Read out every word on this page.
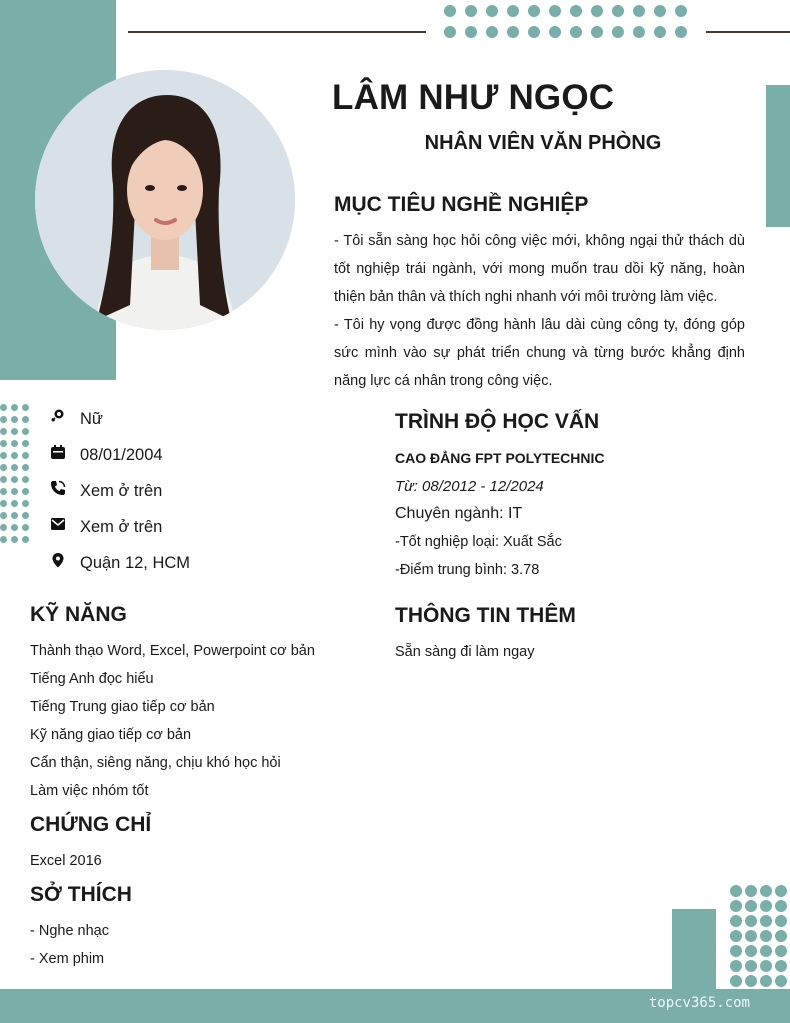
LÂM NHƯ NGỌC
NHÂN VIÊN VĂN PHÒNG
MỤC TIÊU NGHỀ NGHIỆP
- Tôi sẵn sàng học hỏi công việc mới, không ngại thử thách dù tốt nghiệp trái ngành, với mong muốn trau dồi kỹ năng, hoàn thiện bản thân và thích nghi nhanh với môi trường làm việc.
- Tôi hy vọng được đồng hành lâu dài cùng công ty, đóng góp sức mình vào sự phát triển chung và từng bước khẳng định năng lực cá nhân trong công việc.
Nữ
08/01/2004
Xem ở trên
Xem ở trên
Quận 12, HCM
TRÌNH ĐỘ HỌC VẤN
CAO ĐẲNG FPT POLYTECHNIC
Từ: 08/2012 - 12/2024
Chuyên ngành: IT
-Tốt nghiệp loại: Xuất Sắc
-Điểm trung bình: 3.78
THÔNG TIN THÊM
Sẵn sàng đi làm ngay
KỸ NĂNG
Thành thạo Word, Excel, Powerpoint cơ bản
Tiếng Anh đọc hiểu
Tiếng Trung giao tiếp cơ bản
Kỹ năng giao tiếp cơ bản
Cẩn thận, siêng năng, chịu khó học hỏi
Làm việc nhóm tốt
CHỨNG CHỈ
Excel 2016
SỞ THÍCH
- Nghe nhạc
- Xem phim
topcv365.com
